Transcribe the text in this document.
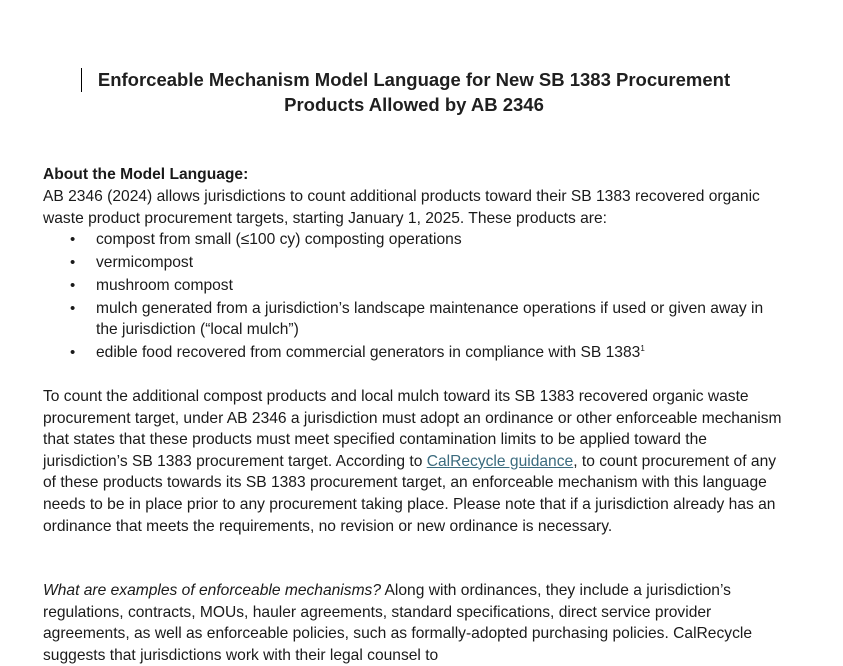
Enforceable Mechanism Model Language for New SB 1383 Procurement
Products Allowed by AB 2346
About the Model Language:
AB 2346 (2024) allows jurisdictions to count additional products toward their SB 1383 recovered organic waste product procurement targets, starting January 1, 2025. These products are:
• compost from small (≤100 cy) composting operations
• vermicompost
• mushroom compost
• mulch generated from a jurisdiction’s landscape maintenance operations if used or given away in the jurisdiction (“local mulch”)
• edible food recovered from commercial generators in compliance with SB 1383$^1$
To count the additional compost products and local mulch toward its SB 1383 recovered organic waste procurement target, under AB 2346 a jurisdiction must adopt an ordinance or other enforceable mechanism that states that these products must meet specified contamination limits to be applied toward the jurisdiction’s SB 1383 procurement target. According to CalRecycle guidance, to count procurement of any of these products towards its SB 1383 procurement target, an enforceable mechanism with this language needs to be in place prior to any procurement taking place. Please note that if a jurisdiction already has an ordinance that meets the requirements, no revision or new ordinance is necessary.
What are examples of enforceable mechanisms? Along with ordinances, they include a jurisdiction’s regulations, contracts, MOUs, hauler agreements, standard specifications, direct service provider agreements, as well as enforceable policies, such as formally-adopted purchasing policies. CalRecycle suggests that jurisdictions work with their legal counsel to
